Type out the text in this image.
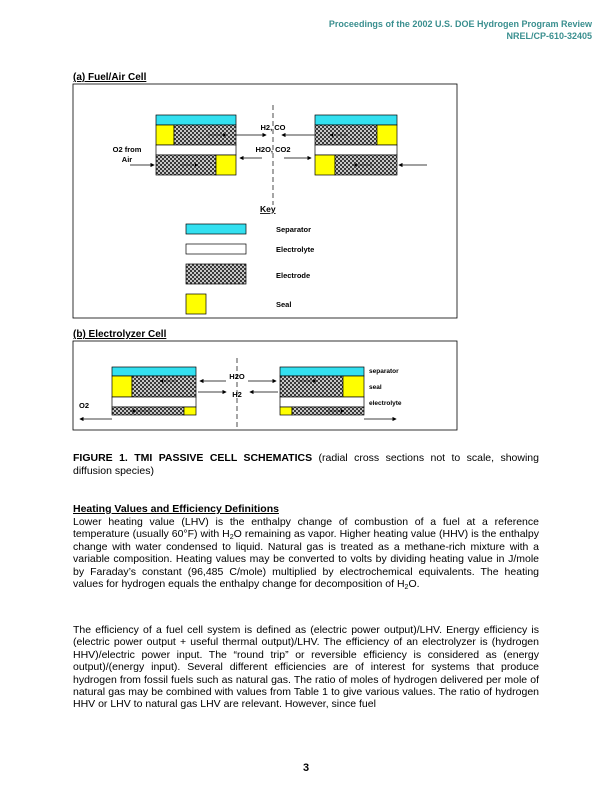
Proceedings of the 2002 U.S. DOE Hydrogen Program Review
NREL/CP-610-32405
(a) Fuel/Air Cell
H2, CO
H2O, CO2
O2 from
Air
Key
Separator
Electrolyte
Electrode
Seal
H2O
H2
O2
separator
seal
electrolyte
(b) Electrolyzer Cell
FIGURE 1. TMI PASSIVE CELL SCHEMATICS (radial cross sections not to scale, showing diffusion species)
Heating Values and Efficiency Definitions

Lower heating value (LHV) is the enthalpy change of combustion of a fuel at a reference temperature (usually 60°F) with $H_2O$ remaining as vapor. Higher heating value (HHV) is the enthalpy change with water condensed to liquid. Natural gas is treated as a methane-rich mixture with a variable composition. Heating values may be converted to volts by dividing heating value in J/mole by Faraday’s constant (96,485 C/mole) multiplied by electrochemical equivalents. The heating values for hydrogen equals the enthalpy change for decomposition of $H_2O$.

The efficiency of a fuel cell system is defined as (electric power output)/LHV. Energy efficiency is (electric power output + useful thermal output)/LHV. The efficiency of an electrolyzer is (hydrogen HHV)/electric power input. The “round trip” or reversible efficiency is considered as (energy output)/(energy input). Several different efficiencies are of interest for systems that produce hydrogen from fossil fuels such as natural gas. The ratio of moles of hydrogen delivered per mole of natural gas may be combined with values from Table 1 to give various values. The ratio of hydrogen HHV or LHV to natural gas LHV are relevant. However, since fuel

3
